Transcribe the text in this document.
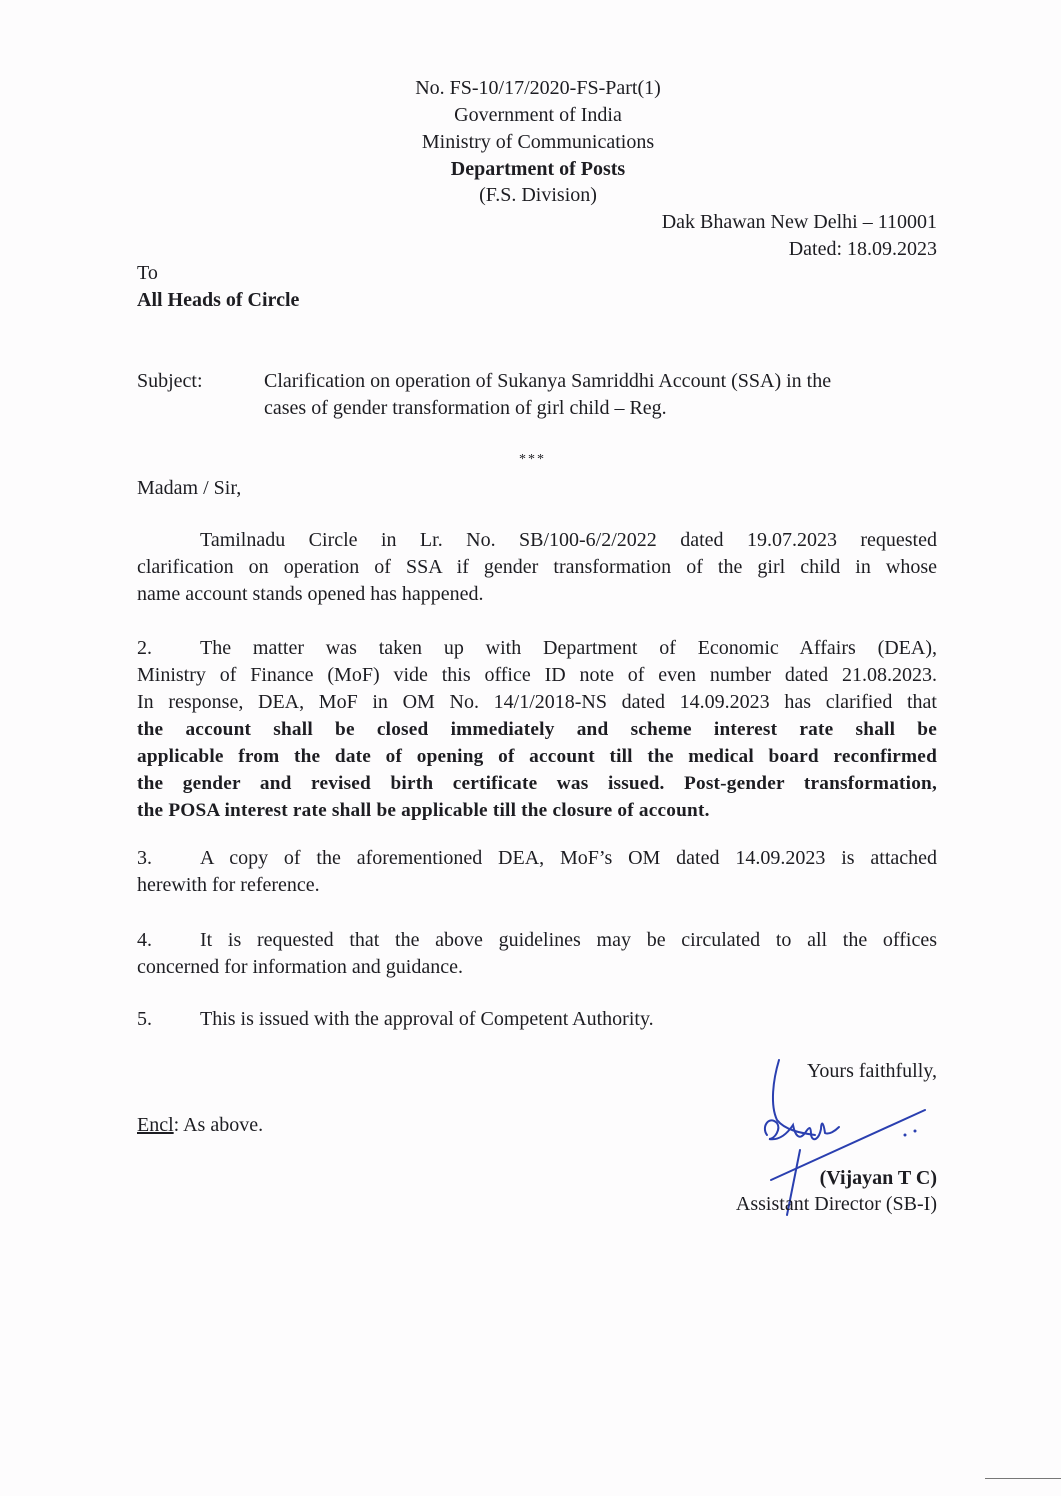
No. FS-10/17/2020-FS-Part(1)
Government of India
Ministry of Communications
Department of Posts
(F.S. Division)
Dak Bhawan New Delhi – 110001
Dated: 18.09.2023
To
All Heads of Circle
Subject:	Clarification on operation of Sukanya Samriddhi Account (SSA) in the
cases of gender transformation of girl child – Reg.
***
Madam / Sir,
Tamilnadu Circle in Lr. No. SB/100-6/2/2022 dated 19.07.2023 requested
clarification on operation of SSA if gender transformation of the girl child in whose
name account stands opened has happened.
2. The matter was taken up with Department of Economic Affairs (DEA),
Ministry of Finance (MoF) vide this office ID note of even number dated 21.08.2023.
In response, DEA, MoF in OM No. 14/1/2018-NS dated 14.09.2023 has clarified that
the account shall be closed immediately and scheme interest rate shall be
applicable from the date of opening of account till the medical board reconfirmed
the gender and revised birth certificate was issued. Post-gender transformation,
the POSA interest rate shall be applicable till the closure of account.
3. A copy of the aforementioned DEA, MoF’s OM dated 14.09.2023 is attached
herewith for reference.
4. It is requested that the above guidelines may be circulated to all the offices
concerned for information and guidance.
5. This is issued with the approval of Competent Authority.
Yours faithfully,
Encl: As above.
(Vijayan T C)
Assistant Director (SB-I)
